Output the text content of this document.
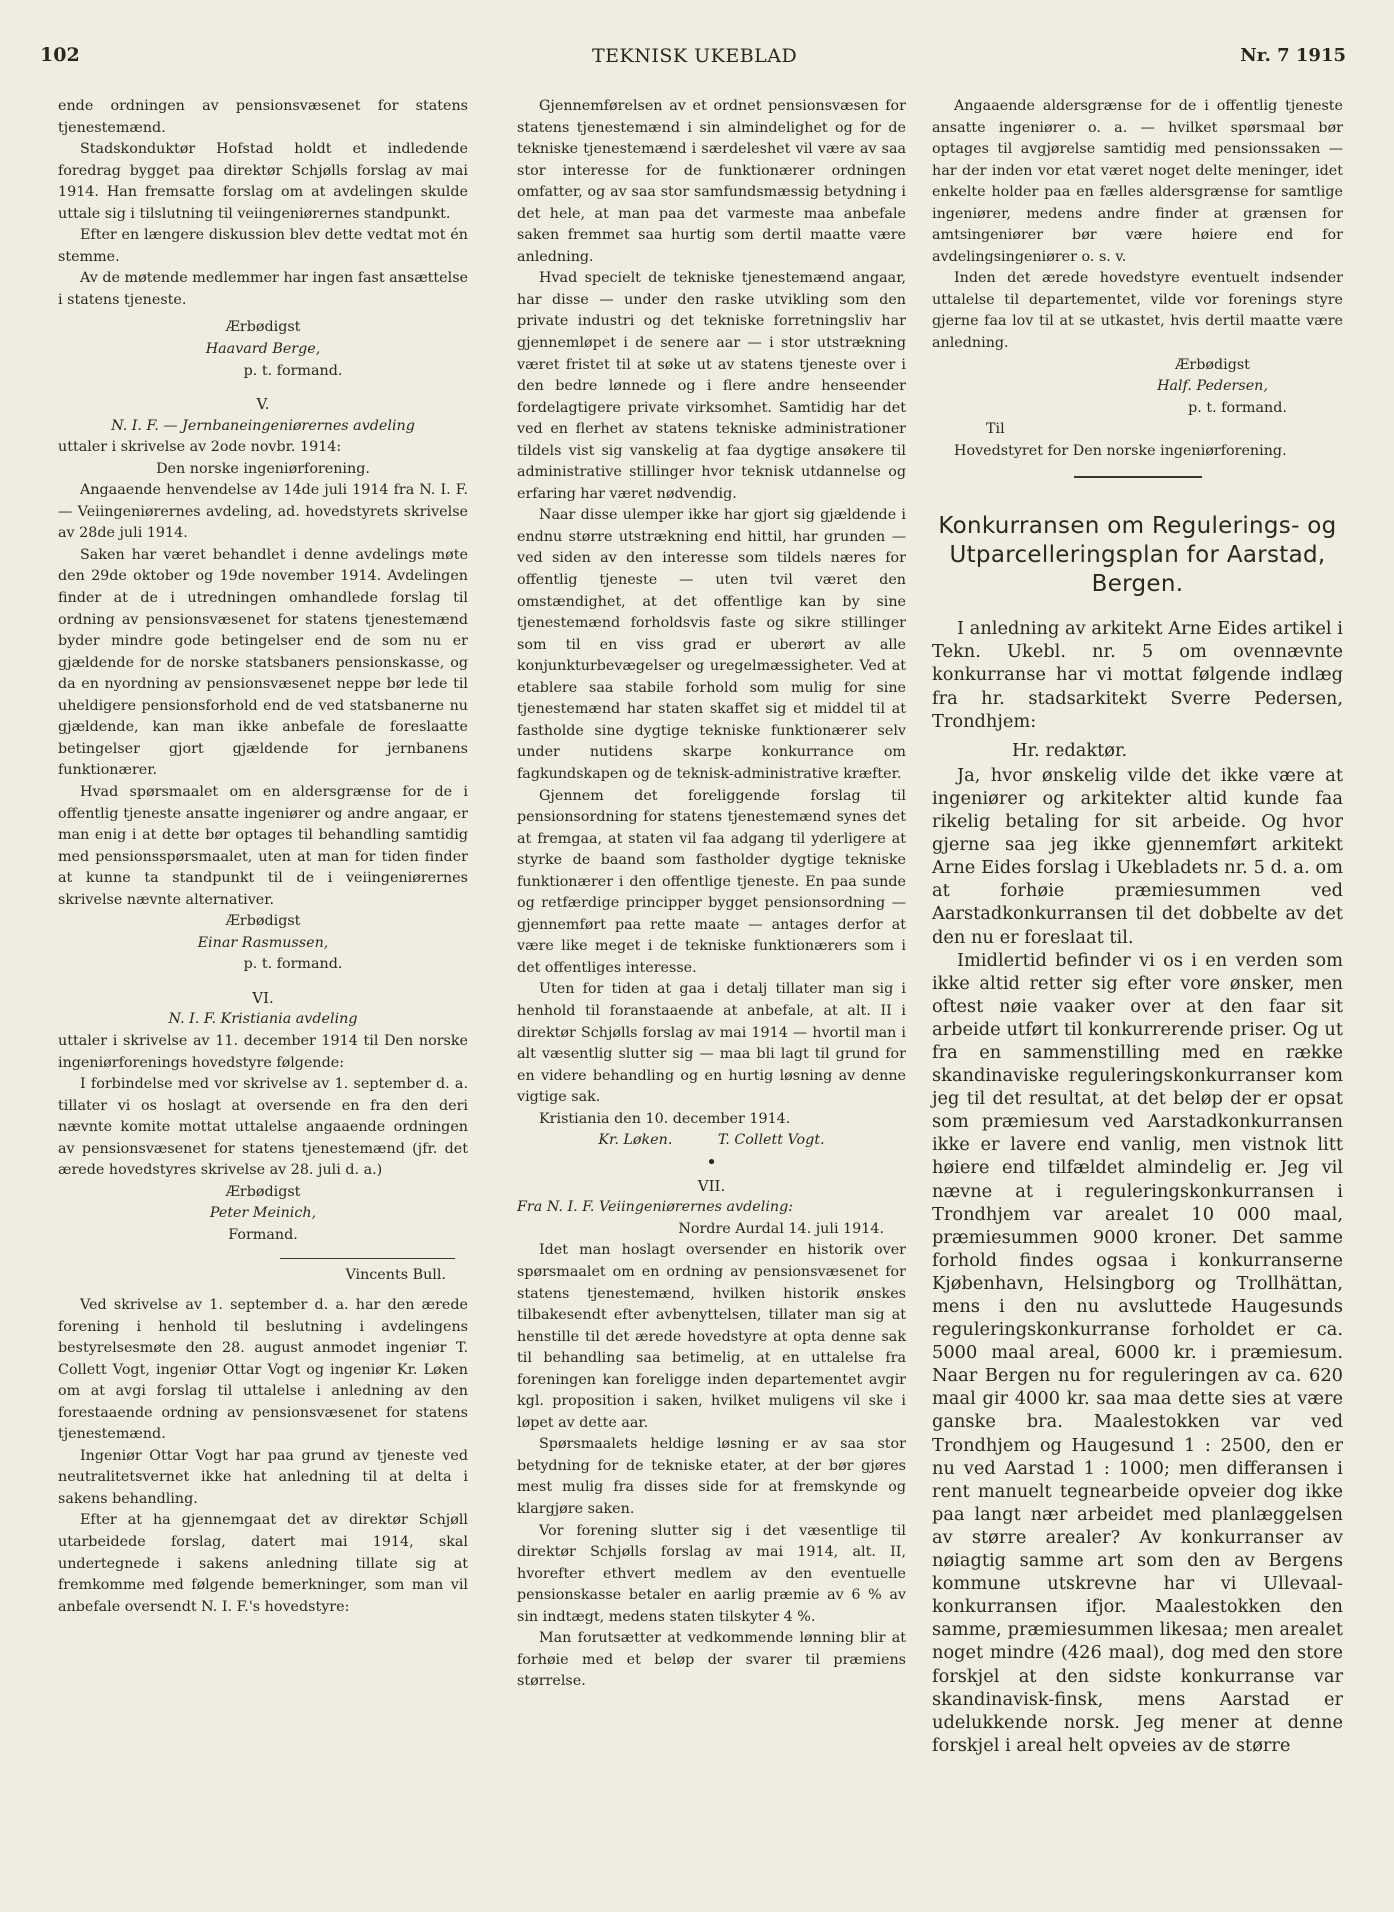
102	TEKNISK UKEBLAD	Nr. 7 1915

ende ordningen av pensionsvæsenet for statens tjenestemænd.

Stadskonduktør Hofstad holdt et indledende foredrag bygget paa direktør Schjølls forslag av mai 1914. Han fremsatte forslag om at avdelingen skulde uttale sig i tilslutning til veiingeniørernes standpunkt.

Efter en længere diskussion blev dette vedtat mot én stemme.

Av de møtende medlemmer har ingen fast ansættelse i statens tjeneste.

Ærbødigst
Haavard Berge,
p. t. formand.
V.
N. I. F. — Jernbaneingeniørernes avdeling

uttaler i skrivelse av 2ode novbr. 1914:

Den norske ingeniørforening.

Angaaende henvendelse av 14de juli 1914 fra N. I. F. — Veiingeniørernes avdeling, ad. hovedstyrets skrivelse av 28de juli 1914.

Saken har været behandlet i denne avdelings møte den 29de oktober og 19de november 1914. Avdelingen finder at de i utredningen omhandlede forslag til ordning av pensionsvæsenet for statens tjenestemænd byder mindre gode betingelser end de som nu er gjældende for de norske statsbaners pensionskasse, og da en nyordning av pensionsvæsenet neppe bør lede til uheldigere pensionsforhold end de ved statsbanerne nu gjældende, kan man ikke anbefale de foreslaatte betingelser gjort gjældende for jernbanens funktionærer.

Hvad spørsmaalet om en aldersgrænse for de i offentlig tjeneste ansatte ingeniører og andre angaar, er man enig i at dette bør optages til behandling samtidig med pensionsspørsmaalet, uten at man for tiden finder at kunne ta standpunkt til de i veiingeniørernes skrivelse nævnte alternativer.

Ærbødigst
Einar Rasmussen,
p. t. formand.
VI.
N. I. F. Kristiania avdeling

uttaler i skrivelse av 11. december 1914 til Den norske ingeniørforenings hovedstyre følgende:

I forbindelse med vor skrivelse av 1. september d. a. tillater vi os hoslagt at oversende en fra den deri nævnte komite mottat uttalelse angaaende ordningen av pensionsvæsenet for statens tjenestemænd (jfr. det ærede hovedstyres skrivelse av 28. juli d. a.)

Ærbødigst
Peter Meinich,
Formand.
Vincents Bull.

Ved skrivelse av 1. september d. a. har den ærede forening i henhold til beslutning i avdelingens bestyrelsesmøte den 28. august anmodet ingeniør T. Collett Vogt, ingeniør Ottar Vogt og ingeniør Kr. Løken om at avgi forslag til uttalelse i anledning av den forestaaende ordning av pensionsvæsenet for statens tjenestemænd.

Ingeniør Ottar Vogt har paa grund av tjeneste ved neutralitetsvernet ikke hat anledning til at delta i sakens behandling.

Efter at ha gjennemgaat det av direktør Schjøll utarbeidede forslag, datert mai 1914, skal undertegnede i sakens anledning tillate sig at fremkomme med følgende bemerkninger, som man vil anbefale oversendt N. I. F.'s hovedstyre:

Gjennemførelsen av et ordnet pensionsvæsen for statens tjenestemænd i sin almindelighet og for de tekniske tjenestemænd i særdeleshet vil være av saa stor interesse for de funktionærer ordningen omfatter, og av saa stor samfundsmæssig betydning i det hele, at man paa det varmeste maa anbefale saken fremmet saa hurtig som dertil maatte være anledning.

Hvad specielt de tekniske tjenestemænd angaar, har disse — under den raske utvikling som den private industri og det tekniske forretningsliv har gjennemløpet i de senere aar — i stor utstrækning været fristet til at søke ut av statens tjeneste over i den bedre lønnede og i flere andre henseender fordelagtigere private virksomhet. Samtidig har det ved en flerhet av statens tekniske administrationer tildels vist sig vanskelig at faa dygtige ansøkere til administrative stillinger hvor teknisk utdannelse og erfaring har været nødvendig.

Naar disse ulemper ikke har gjort sig gjældende i endnu større utstrækning end hittil, har grunden — ved siden av den interesse som tildels næres for offentlig tjeneste — uten tvil været den omstændighet, at det offentlige kan by sine tjenestemænd forholdsvis faste og sikre stillinger som til en viss grad er uberørt av alle konjunkturbevægelser og uregelmæssigheter. Ved at etablere saa stabile forhold som mulig for sine tjenestemænd har staten skaffet sig et middel til at fastholde sine dygtige tekniske funktionærer selv under nutidens skarpe konkurrance om fagkundskapen og de teknisk-administrative kræfter.

Gjennem det foreliggende forslag til pensionsordning for statens tjenestemænd synes det at fremgaa, at staten vil faa adgang til yderligere at styrke de baand som fastholder dygtige tekniske funktionærer i den offentlige tjeneste. En paa sunde og retfærdige principper bygget pensionsordning — gjennemført paa rette maate — antages derfor at være like meget i de tekniske funktionærers som i det offentliges interesse.

Uten for tiden at gaa i detalj tillater man sig i henhold til foranstaaende at anbefale, at alt. II i direktør Schjølls forslag av mai 1914 — hvortil man i alt væsentlig slutter sig — maa bli lagt til grund for en videre behandling og en hurtig løsning av denne vigtige sak.

Kristiania den 10. december 1914.

Kr. Løken.          T. Collett Vogt.
•
VII.

Fra N. I. F. Veiingeniørernes avdeling:

Nordre Aurdal 14. juli 1914.

Idet man hoslagt oversender en historik over spørsmaalet om en ordning av pensionsvæsenet for statens tjenestemænd, hvilken historik ønskes tilbakesendt efter avbenyttelsen, tillater man sig at henstille til det ærede hovedstyre at opta denne sak til behandling saa betimelig, at en uttalelse fra foreningen kan foreligge inden departementet avgir kgl. proposition i saken, hvilket muligens vil ske i løpet av dette aar.

Spørsmaalets heldige løsning er av saa stor betydning for de tekniske etater, at der bør gjøres mest mulig fra disses side for at fremskynde og klargjøre saken.

Vor forening slutter sig i det væsentlige til direktør Schjølls forslag av mai 1914, alt. II, hvorefter ethvert medlem av den eventuelle pensionskasse betaler en aarlig præmie av 6 % av sin indtægt, medens staten tilskyter 4 %.

Man forutsætter at vedkommende lønning blir at forhøie med et beløp der svarer til præmiens størrelse.

Angaaende aldersgrænse for de i offentlig tjeneste ansatte ingeniører o. a. — hvilket spørsmaal bør optages til avgjørelse samtidig med pensionssaken — har der inden vor etat været noget delte meninger, idet enkelte holder paa en fælles aldersgrænse for samtlige ingeniører, medens andre finder at grænsen for amtsingeniører bør være høiere end for avdelingsingeniører o. s. v.

Inden det ærede hovedstyre eventuelt indsender uttalelse til departementet, vilde vor forenings styre gjerne faa lov til at se utkastet, hvis dertil maatte være anledning.

Ærbødigst
Half. Pedersen,
p. t. formand.
Til
Hovedstyret for Den norske ingeniørforening.
Konkurransen om Regulerings- og Utparcelleringsplan for Aarstad, Bergen.

I anledning av arkitekt Arne Eides artikel i Tekn. Ukebl. nr. 5 om ovennævnte konkurranse har vi mottat følgende indlæg fra hr. stadsarkitekt Sverre Pedersen, Trondhjem:

Hr. redaktør.

Ja, hvor ønskelig vilde det ikke være at ingeniører og arkitekter altid kunde faa rikelig betaling for sit arbeide. Og hvor gjerne saa jeg ikke gjennemført arkitekt Arne Eides forslag i Ukebladets nr. 5 d. a. om at forhøie præmiesummen ved Aarstadkonkurransen til det dobbelte av det den nu er foreslaat til.

Imidlertid befinder vi os i en verden som ikke altid retter sig efter vore ønsker, men oftest nøie vaaker over at den faar sit arbeide utført til konkurrerende priser. Og ut fra en sammenstilling med en række skandinaviske reguleringskonkurranser kom jeg til det resultat, at det beløp der er opsat som præmiesum ved Aarstadkonkurransen ikke er lavere end vanlig, men vistnok litt høiere end tilfældet almindelig er. Jeg vil nævne at i reguleringskonkurransen i Trondhjem var arealet 10 000 maal, præmiesummen 9000 kroner. Det samme forhold findes ogsaa i konkurranserne Kjøbenhavn, Helsingborg og Trollhättan, mens i den nu avsluttede Haugesunds reguleringskonkurranse forholdet er ca. 5000 maal areal, 6000 kr. i præmiesum. Naar Bergen nu for reguleringen av ca. 620 maal gir 4000 kr. saa maa dette sies at være ganske bra. Maalestokken var ved Trondhjem og Haugesund 1 : 2500, den er nu ved Aarstad 1 : 1000; men differansen i rent manuelt tegnearbeide opveier dog ikke paa langt nær arbeidet med planlæggelsen av større arealer? Av konkurranser av nøiagtig samme art som den av Bergens kommune utskrevne har vi Ullevaal-konkurransen ifjor. Maalestokken den samme, præmiesummen likesaa; men arealet noget mindre (426 maal), dog med den store forskjel at den sidste konkurranse var skandinavisk-finsk, mens Aarstad er udelukkende norsk. Jeg mener at denne forskjel i areal helt opveies av de større
